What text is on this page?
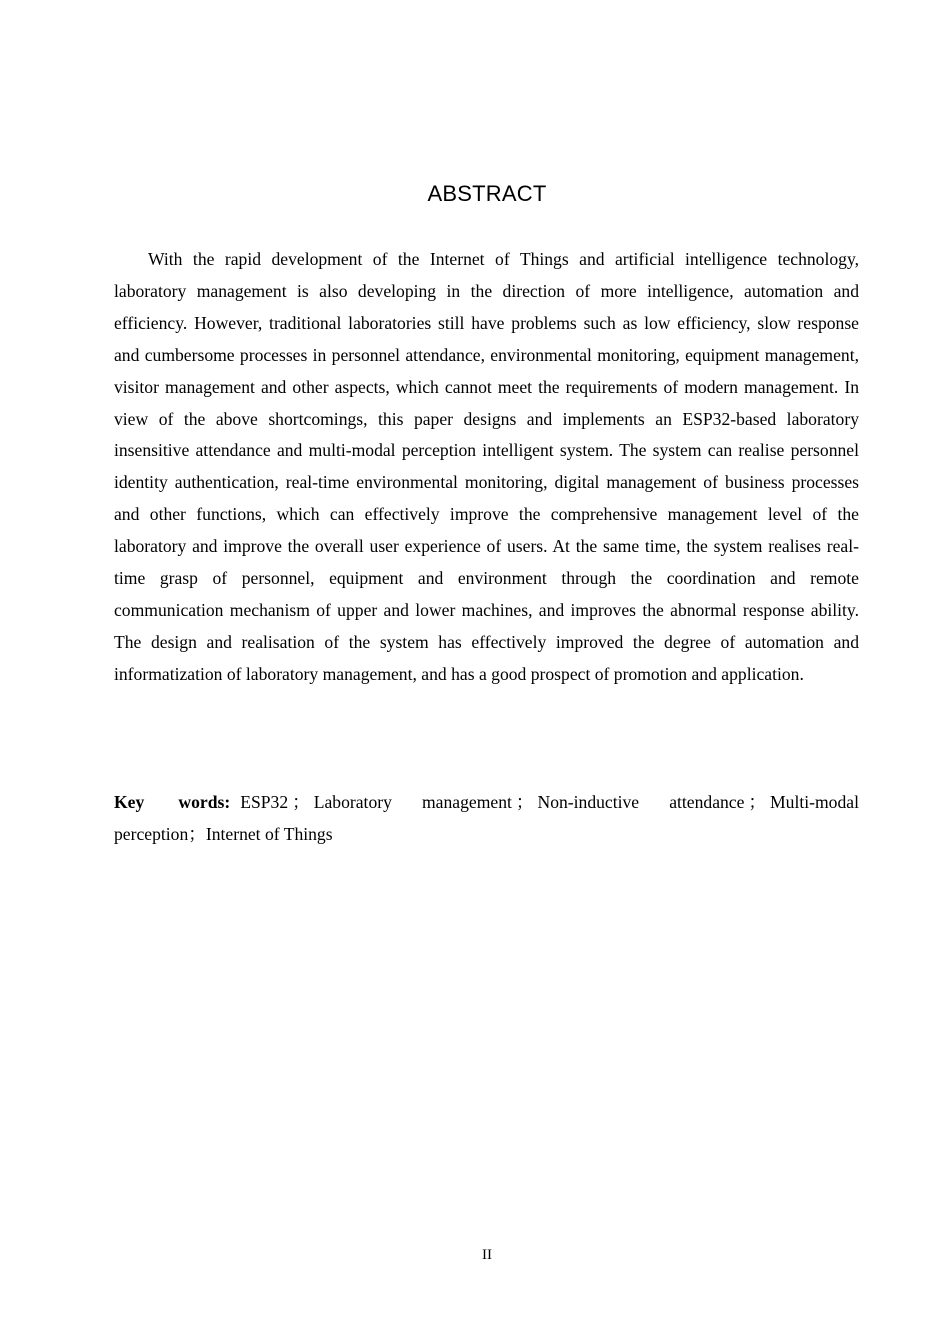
ABSTRACT

With the rapid development of the Internet of Things and artificial intelligence technology, laboratory management is also developing in the direction of more intelligence, automation and efficiency. However, traditional laboratories still have problems such as low efficiency, slow response and cumbersome processes in personnel attendance, environmental monitoring, equipment management, visitor management and other aspects, which cannot meet the requirements of modern management. In view of the above shortcomings, this paper designs and implements an ESP32-based laboratory insensitive attendance and multi-modal perception intelligent system. The system can realise personnel identity authentication, real-time environmental monitoring, digital management of business processes and other functions, which can effectively improve the comprehensive management level of the laboratory and improve the overall user experience of users. At the same time, the system realises real-time grasp of personnel, equipment and environment through the coordination and remote communication mechanism of upper and lower machines, and improves the abnormal response ability. The design and realisation of the system has effectively improved the degree of automation and informatization of laboratory management, and has a good prospect of promotion and application.

Key words: ESP32 ； Laboratory management ； Non-inductive attendance ； Multi-modal perception；Internet of Things

II
